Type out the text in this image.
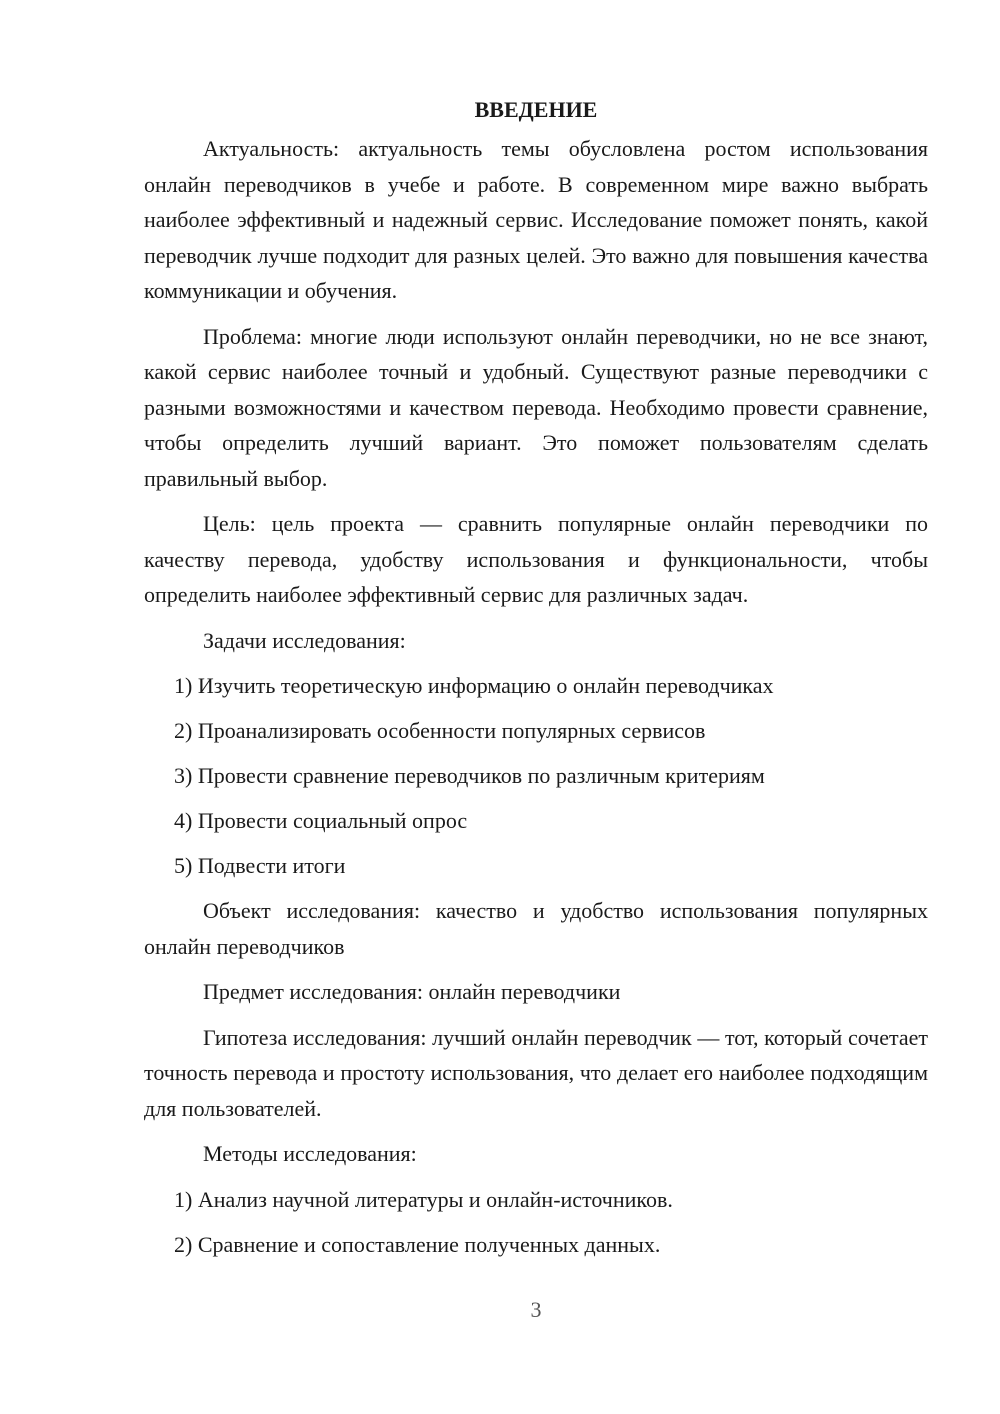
ВВЕДЕНИЕ

Актуальность: актуальность темы обусловлена ростом использования онлайн переводчиков в учебе и работе. В современном мире важно выбрать наиболее эффективный и надежный сервис. Исследование поможет понять, какой переводчик лучше подходит для разных целей. Это важно для повышения качества коммуникации и обучения.

Проблема: многие люди используют онлайн переводчики, но не все знают, какой сервис наиболее точный и удобный. Существуют разные переводчики с разными возможностями и качеством перевода. Необходимо провести сравнение, чтобы определить лучший вариант. Это поможет пользователям сделать правильный выбор.

Цель: цель проекта — сравнить популярные онлайн переводчики по качеству перевода, удобству использования и функциональности, чтобы определить наиболее эффективный сервис для различных задач.

Задачи исследования:

1) Изучить теоретическую информацию о онлайн переводчиках
2) Проанализировать особенности популярных сервисов
3) Провести сравнение переводчиков по различным критериям
4) Провести социальный опрос
5) Подвести итоги

Объект исследования: качество и удобство использования популярных онлайн переводчиков

Предмет исследования: онлайн переводчики

Гипотеза исследования: лучший онлайн переводчик — тот, который сочетает точность перевода и простоту использования, что делает его наиболее подходящим для пользователей.

Методы исследования:

1) Анализ научной литературы и онлайн-источников.
2) Сравнение и сопоставление полученных данных.
3
